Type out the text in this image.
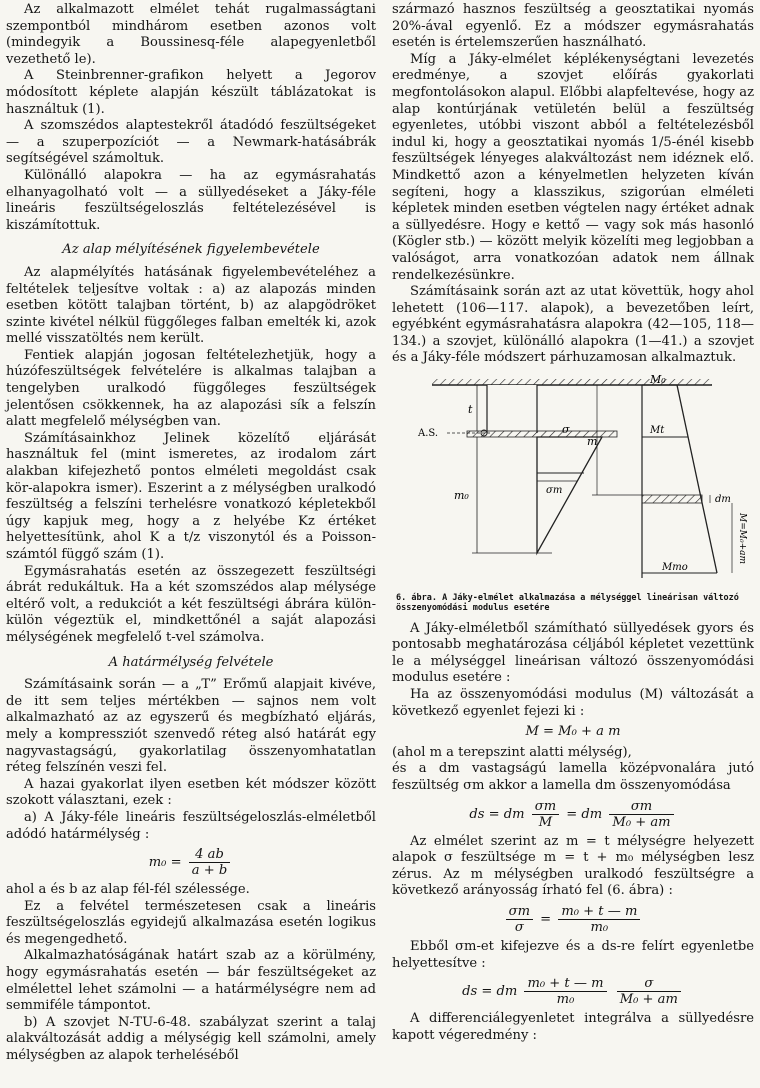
Az alkalmazott elmélet tehát rugalmasságtani szempontból mindhárom esetben azonos volt (mindegyik a Boussinesq-féle alapegyenletből vezethető le).

A Steinbrenner-grafikon helyett a Jegorov módosított képlete alapján készült táblázatokat is használtuk (1).

A szomszédos alaptestekről átadódó feszültségeket — a szuperpozíciót — a Newmark-hatásábrák segítségével számoltuk.

Különálló alapokra — ha az egymásrahatás elhanyagolható volt — a süllyedéseket a Jáky-féle lineáris feszültségeloszlás feltételezésével is kiszámítottuk.

Az alap mélyítésének figyelembevétele

Az alapmélyítés hatásának figyelembevételéhez a feltételek teljesítve voltak : a) az alapozás minden esetben kötött talajban történt, b) az alapgödröket szinte kivétel nélkül függőleges falban emelték ki, azok mellé visszatöltés nem került.

Fentiek alapján jogosan feltételezhetjük, hogy a húzófeszültségek felvételére is alkalmas talajban a tengelyben uralkodó függőleges feszültségek jelentősen csökkennek, ha az alapozási sík a felszín alatt megfelelő mélységben van.

Számításainkhoz Jelinek közelítő eljárását használtuk fel (mint ismeretes, az irodalom zárt alakban kifejezhető pontos elméleti megoldást csak kör-alapokra ismer). Eszerint a z mélységben uralkodó feszültség a felszíni terhelésre vonatkozó képletekből úgy kapjuk meg, hogy a z helyébe Kz értéket helyettesítünk, ahol K a t/z viszonytól és a Poisson-számtól függő szám (1).

Egymásrahatás esetén az összegezett feszültségi ábrát redukáltuk. Ha a két szomszédos alap mélysége eltérő volt, a redukciót a két feszültségi ábrára külön-külön végeztük el, mindkettőnél a saját alapozási mélységének megfelelő t-vel számolva.

A határmélység felvétele

Számításaink során — a „T” Erőmű alapjait kivéve, de itt sem teljes mértékben — sajnos nem volt alkalmazható az az egyszerű és megbízható eljárás, mely a kompressziót szenvedő réteg alsó határát egy nagyvastagságú, gyakorlatilag összenyomhatatlan réteg felszínén veszi fel.

A hazai gyakorlat ilyen esetben két módszer között szokott választani, ezek :

a) A Jáky-féle lineáris feszültségeloszlás-elméletből adódó határmélység :

$m_0 = \frac{4 ab}{a + b}$

ahol a és b az alap fél-fél szélessége.

Ez a felvétel természetesen csak a lineáris feszültségeloszlás egyidejű alkalmazása esetén logikus és megengedhető.

Alkalmazhatóságának határt szab az a körülmény, hogy egymásrahatás esetén — bár feszültségeket az elmélettel lehet számolni — a határmélységre nem ad semmiféle támpontot.

b) A szovjet N-TU-6-48. szabályzat szerint a talaj alakváltozását addig a mélységig kell számolni, amely mélységben az alapok terheléséből

származó hasznos feszültség a geosztatikai nyomás 20%-ával egyenlő. Ez a módszer egymásrahatás esetén is értelemszerűen használható.

Míg a Jáky-elmélet képlékenységtani levezetés eredménye, a szovjet előírás gyakorlati megfontolásokon alapul. Előbbi alapfeltevése, hogy az alap kontúrjának vetületén belül a feszültség egyenletes, utóbbi viszont abból a feltételezésből indul ki, hogy a geosztatikai nyomás 1/5-énél kisebb feszültségek lényeges alakváltozást nem idéznek elő. Mindkettő azon a kényelmetlen helyzeten kíván segíteni, hogy a klasszikus, szigorúan elméleti képletek minden esetben végtelen nagy értéket adnak a süllyedésre. Hogy e kettő — vagy sok más hasonló (Kögler stb.) — között melyik közelíti meg legjobban a valóságot, arra vonatkozóan adatok nem állnak rendelkezésünkre.

Számításaink során azt az utat követtük, hogy ahol lehetett (106—117. alapok), a bevezetőben leírt, egyébként egymásrahatásra alapokra (42—105, 118—134.) a szovjet, különálló alapokra (1—41.) a szovjet és a Jáky-féle módszert párhuzamosan alkalmaztuk.

M₀
t
m
A.S.	σ	Mt
σm
m₀	dm
Mmo
M=M₀+am
6. ábra. A Jáky-elmélet alkalmazása a mélységgel lineárisan változó összenyomódási modulus esetére

A Jáky-elméletből számítható süllyedések gyors és pontosabb meghatározása céljából képletet vezettünk le a mélységgel lineárisan változó összenyomódási modulus esetére :

Ha az összenyomódási modulus (M) változását a következő egyenlet fejezi ki :

M = M₀ + a m

(ahol m a terepszint alatti mélység),

és a dm vastagságú lamella középvonalára jutó feszültség σm akkor a lamella dm összenyomódása

ds = dm $\frac{\sigma m}{M}$ = dm $\frac{\sigma m}{\text{M₀ + am}}$

Az elmélet szerint az m = t mélységre helyezett alapok σ feszültsége m = t + m₀ mélységben lesz zérus. Az m mélységben uralkodó feszültségre a következő arányosság írható fel (6. ábra) :

$\frac{\sigma m}{\sigma} = \frac{\text{m₀ + t — m}}{\text{m₀}}$

Ebből σm-et kifejezve és a ds-re felírt egyenletbe helyettesítve :

ds = dm $\frac{\text{m₀ + t — m}}{\text{m₀}}$
$\frac{\sigma}{\text{M₀ + am}}$

A differenciálegyenletet integrálva a süllyedésre kapott végeredmény :
